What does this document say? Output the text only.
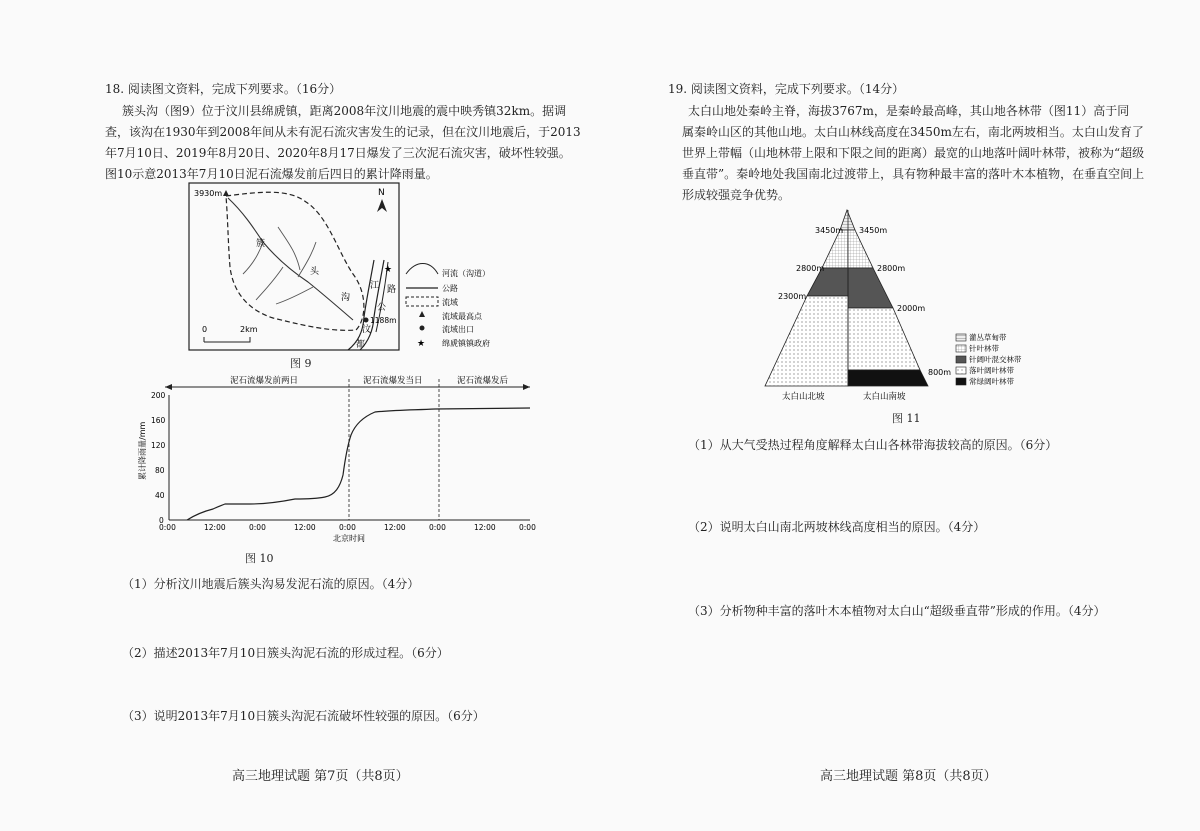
18. 阅读图文资料，完成下列要求。（16分）
簇头沟（图9）位于汶川县绵虒镇，距离2008年汶川地震的震中映秀镇32km。据调
查，该沟在1930年到2008年间从未有泥石流灾害发生的记录，但在汶川地震后，于2013
年7月10日、2019年8月20日、2020年8月17日爆发了三次泥石流灾害，破坏性较强。
图10示意2013年7月10日泥石流爆发前后四日的累计降雨量。
3930m
1188m
★
N
簇
头
沟
江 路
公
汶
都
0	2km
河流（沟道）
公路
流域
流域最高点
流域出口
★ 绵虒镇镇政府
图 9
泥石流爆发前两日	泥石流爆发当日	泥石流爆发后
200
160
120
80
40
0
0:00	12:00	0:00	12:00	0:00	12:00	0:00	12:00	0:00
北京时间
累计降雨量/mm
图 10
（1）分析汶川地震后簇头沟易发泥石流的原因。（4分）
（2）描述2013年7月10日簇头沟泥石流的形成过程。（6分）
（3）说明2013年7月10日簇头沟泥石流破坏性较强的原因。（6分）
高三地理试题 第7页（共8页）
19. 阅读图文资料，完成下列要求。（14分）
太白山地处秦岭主脊，海拔3767m，是秦岭最高峰，其山地各林带（图11）高于同
属秦岭山区的其他山地。太白山林线高度在3450m左右，南北两坡相当。太白山发育了
世界上带幅（山地林带上限和下限之间的距离）最宽的山地落叶阔叶林带，被称为“超级
垂直带”。秦岭地处我国南北过渡带上，具有物种最丰富的落叶木本植物，在垂直空间上
形成较强竞争优势。
3450m
2800m
2300m
3450m
2800m
2000m
800m
太白山北坡	太白山南坡
灌丛草甸带
针叶林带
针阔叶混交林带
落叶阔叶林带
常绿阔叶林带
图 11
（1）从大气受热过程角度解释太白山各林带海拔较高的原因。（6分）
（2）说明太白山南北两坡林线高度相当的原因。（4分）
（3）分析物种丰富的落叶木本植物对太白山“超级垂直带”形成的作用。（4分）
高三地理试题 第8页（共8页）
